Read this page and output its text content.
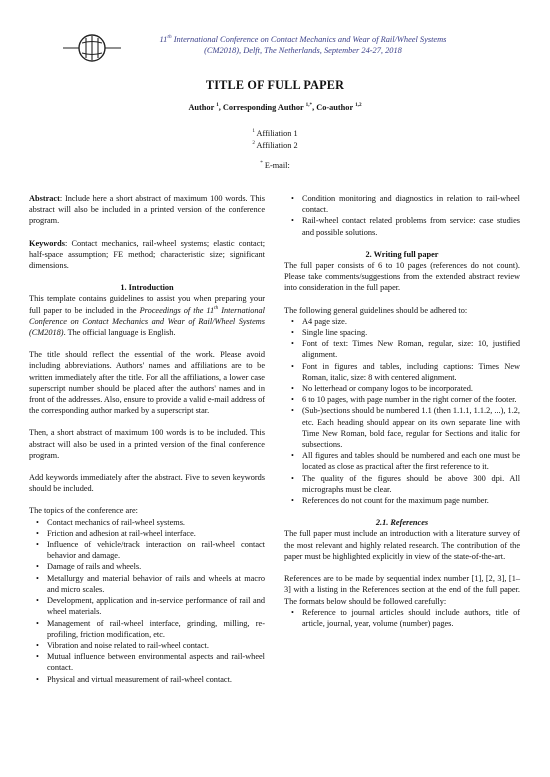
11th International Conference on Contact Mechanics and Wear of Rail/Wheel Systems
(CM2018), Delft, The Netherlands, September 24-27, 2018
TITLE OF FULL PAPER
Author $^1$, Corresponding Author $^{1,*}$, Co-author $^{1,2}$
$^1$ Affiliation 1
$^2$ Affiliation 2
* E-mail:

Abstract: Include here a short abstract of maximum 100 words. This abstract will also be included in a printed version of the conference program.

Keywords: Contact mechanics, rail-wheel systems; elastic contact; half-space assumption; FE method; characteristic size; significant dimensions.

1. Introduction

This template contains guidelines to assist you when preparing your full paper to be included in the Proceedings of the 11th International Conference on Contact Mechanics and Wear of Rail/Wheel Systems (CM2018). The official language is English.

The title should reflect the essential of the work. Please avoid including abbreviations. Authors' names and affiliations are to be written immediately after the title. For all the affiliations, a lower case superscript number should be placed after the authors' names and in front of the addresses. Also, ensure to provide a valid e-mail address of the corresponding author marked by a superscript star.

Then, a short abstract of maximum 100 words is to be included. This abstract will also be used in a printed version of the final conference program.

Add keywords immediately after the abstract. Five to seven keywords should be included.

The topics of the conference are:

• Contact mechanics of rail-wheel systems.
• Friction and adhesion at rail-wheel interface.
• Influence of vehicle/track interaction on rail-wheel contact behavior and damage.
• Damage of rails and wheels.
• Metallurgy and material behavior of rails and wheels at macro and micro scales.
• Development, application and in-service performance of rail and wheel materials.
• Management of rail-wheel interface, grinding, milling, re-profiling, friction modification, etc.
• Vibration and noise related to rail-wheel contact.
• Mutual influence between environmental aspects and rail-wheel contact.
• Physical and virtual measurement of rail-wheel contact.
• Condition monitoring and diagnostics in relation to rail-wheel contact.
• Rail-wheel contact related problems from service: case studies and possible solutions.

2. Writing full paper

The full paper consists of 6 to 10 pages (references do not count). Please take comments/suggestions from the extended abstract review into consideration in the full paper.

The following general guidelines should be adhered to:

• A4 page size.
• Single line spacing.
• Font of text: Times New Roman, regular, size: 10, justified alignment.
• Font in figures and tables, including captions: Times New Roman, italic, size: 8 with centered alignment.
• No letterhead or company logos to be incorporated.
• 6 to 10 pages, with page number in the right corner of the footer.
• (Sub-)sections should be numbered 1.1 (then 1.1.1, 1.1.2, ...), 1.2, etc. Each heading should appear on its own separate line with Time New Roman, bold face, regular for Sections and italic for subsections.
• All figures and tables should be numbered and each one must be located as close as practical after the first reference to it.
• The quality of the figures should be above 300 dpi. All micrographs must be clear.
• References do not count for the maximum page number.

2.1. References

The full paper must include an introduction with a literature survey of the most relevant and highly related research. The contribution of the paper must be highlighted explicitly in view of the state-of-the-art.

References are to be made by sequential index number [1], [2, 3], [1–3] with a listing in the References section at the end of the full paper. The formats below should be followed carefully:

• Reference to journal articles should include authors, title of article, journal, year, volume (number) pages.
